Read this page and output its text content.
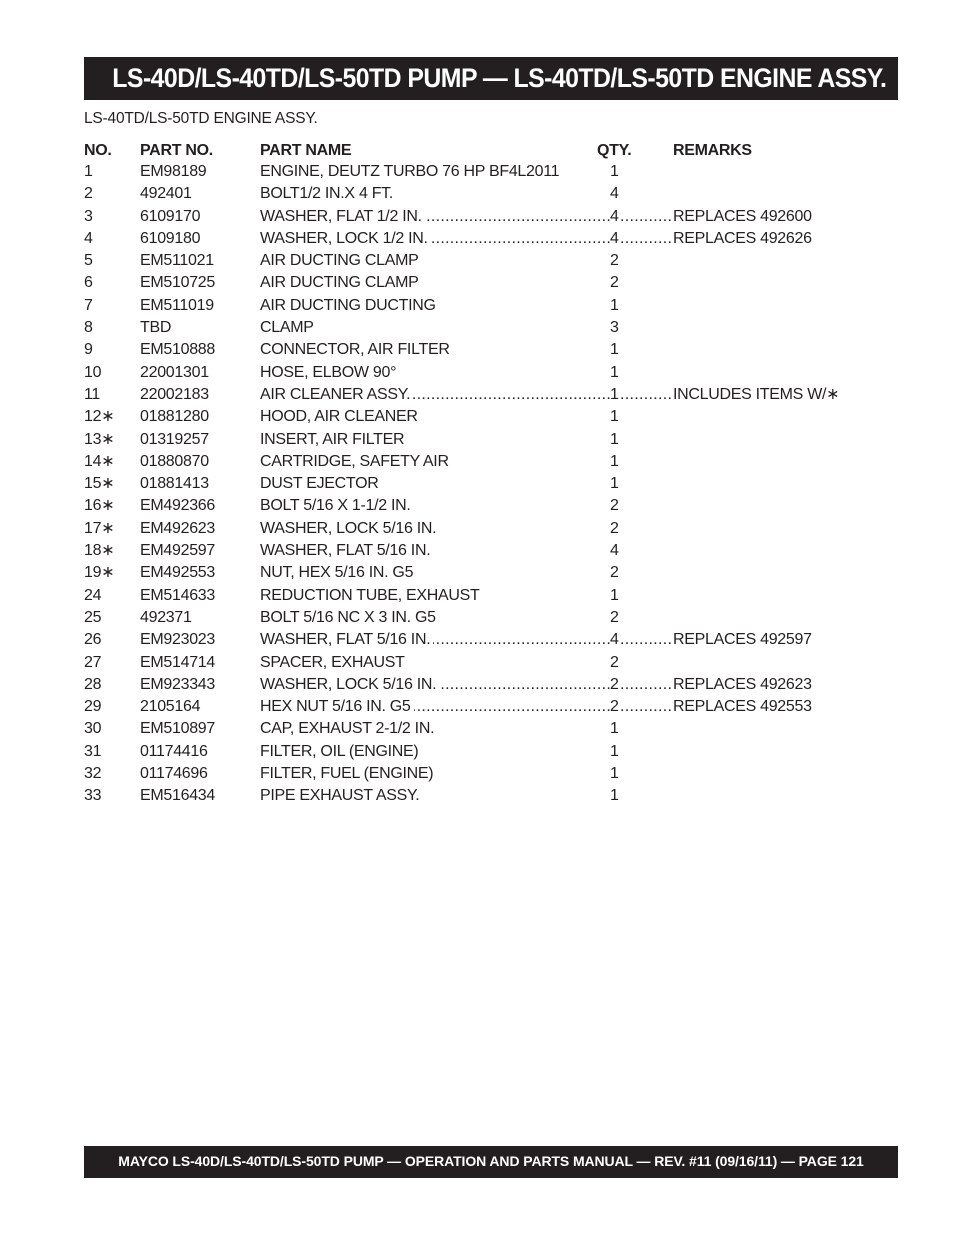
LS-40D/LS-40TD/LS-50TD PUMP — LS-40TD/LS-50TD ENGINE ASSY.
LS-40TD/LS-50TD ENGINE ASSY.
NO. PART NO.	PART NAME	QTY.	REMARKS
1	EM98189	ENGINE, DEUTZ TURBO 76 HP BF4L2011	1
2	492401	BOLT1/2 IN.X 4 FT.	4
3	6109170 .....	WASHER, FLAT 1/2 IN. .....	4	REPLACES 492600
4	6109180 .....	WASHER, LOCK 1/2 IN. .....	4	REPLACES 492626
5	EM511021	AIR DUCTING CLAMP	2
6	EM510725	AIR DUCTING CLAMP	2
7	EM511019	AIR DUCTING DUCTING	1
8	TBD	CLAMP	3
9	EM510888	CONNECTOR, AIR FILTER	1
10 22001301	HOSE, ELBOW 90°	1
11 22002183 .....	AIR CLEANER ASSY. .....	1	INCLUDES ITEMS W/∗
12∗ 01881280	HOOD, AIR CLEANER	1
13∗ 01319257	INSERT, AIR FILTER	1
14∗ 01880870	CARTRIDGE, SAFETY AIR	1
15∗ 01881413	DUST EJECTOR	1
16∗ EM492366	BOLT 5/16 X 1-1/2 IN.	2
17∗ EM492623	WASHER, LOCK 5/16 IN.	2
18∗ EM492597	WASHER, FLAT 5/16 IN.	4
19∗ EM492553	NUT, HEX 5/16 IN. G5	2
24 EM514633	REDUCTION TUBE, EXHAUST	1
25 492371	BOLT 5/16 NC X 3 IN. G5	2
26 EM923023 .....	WASHER, FLAT 5/16 IN. .....	4	REPLACES 492597
27 EM514714	SPACER, EXHAUST	2
28 EM923343 .....	WASHER, LOCK 5/16 IN. .....	2	REPLACES 492623
29 2105164 .....	HEX NUT 5/16 IN. G5 .....	2	REPLACES 492553
30 EM510897	CAP, EXHAUST 2-1/2 IN.	1
31 01174416	FILTER, OIL (ENGINE)	1
32 01174696	FILTER, FUEL (ENGINE)	1
33 EM516434	PIPE EXHAUST ASSY.	1
MAYCO LS-40D/LS-40TD/LS-50TD PUMP — OPERATION AND PARTS MANUAL — REV. #11 (09/16/11) — PAGE 121
